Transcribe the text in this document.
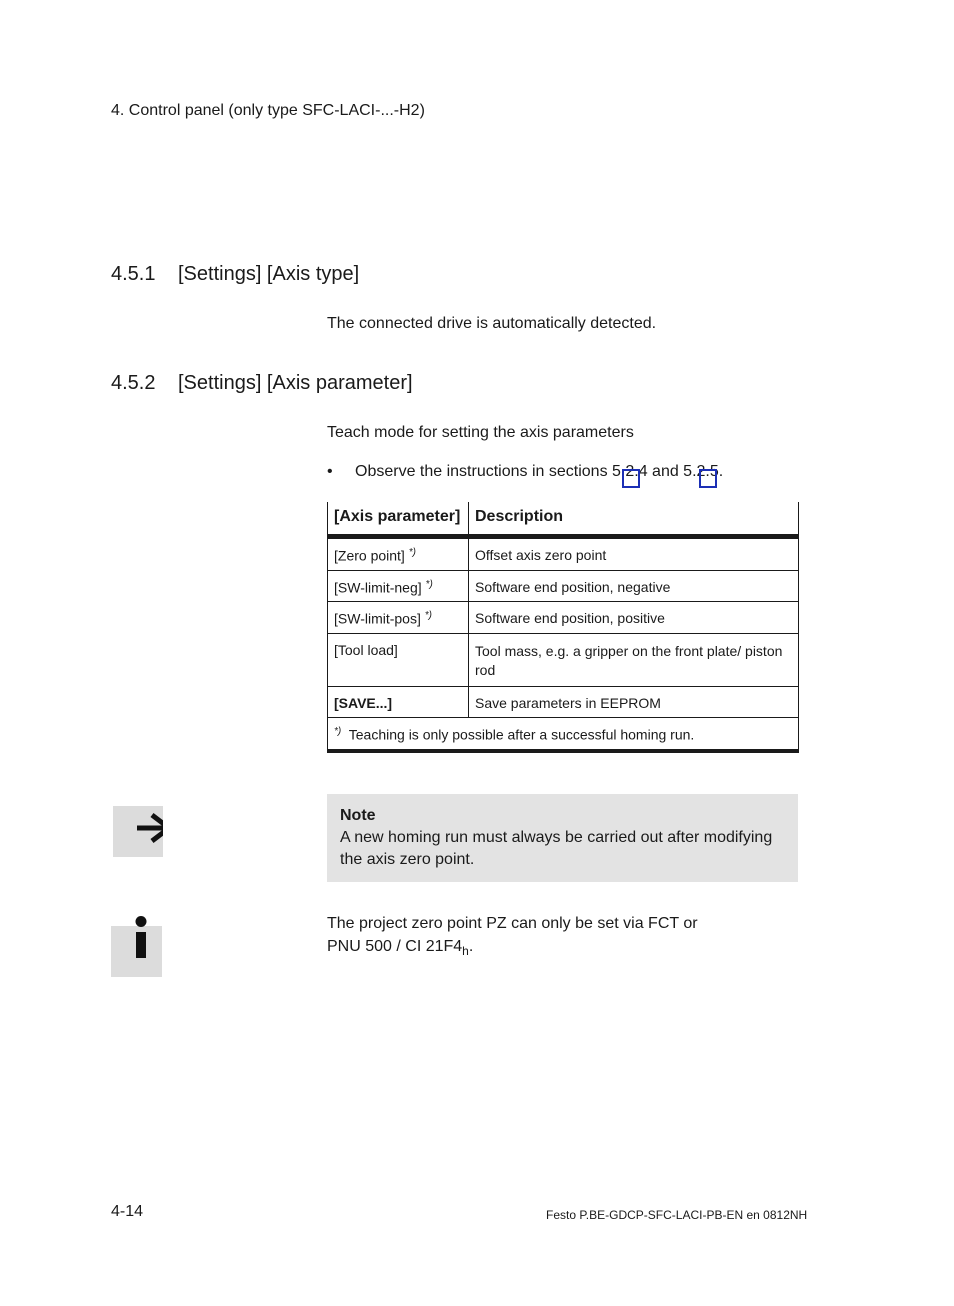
4. Control panel (only type SFC-LACI-...-H2)
4.5.1 [Settings] [Axis type]
The connected drive is automatically detected.
4.5.2 [Settings] [Axis parameter]
Teach mode for setting the axis parameters
• Observe the instructions in sections 5.2.4 and 5.2.5.
[Axis parameter]	Description
[Zero point] *)	Offset axis zero point
[SW-limit-neg] *)	Software end position, negative
[SW-limit-pos] *)	Software end position, positive
[Tool load]	Tool mass, e.g. a gripper on the front plate/ piston rod
[SAVE...]	Save parameters in EEPROM
*) Teaching is only possible after a successful homing run.	
Note
A new homing run must always be carried out after modifying the axis zero point.
The project zero point PZ can only be set via FCT or
PNU 500 / CI $21F4_h$.
4-14	Festo P.BE-GDCP-SFC-LACI-PB-EN en 0812NH
